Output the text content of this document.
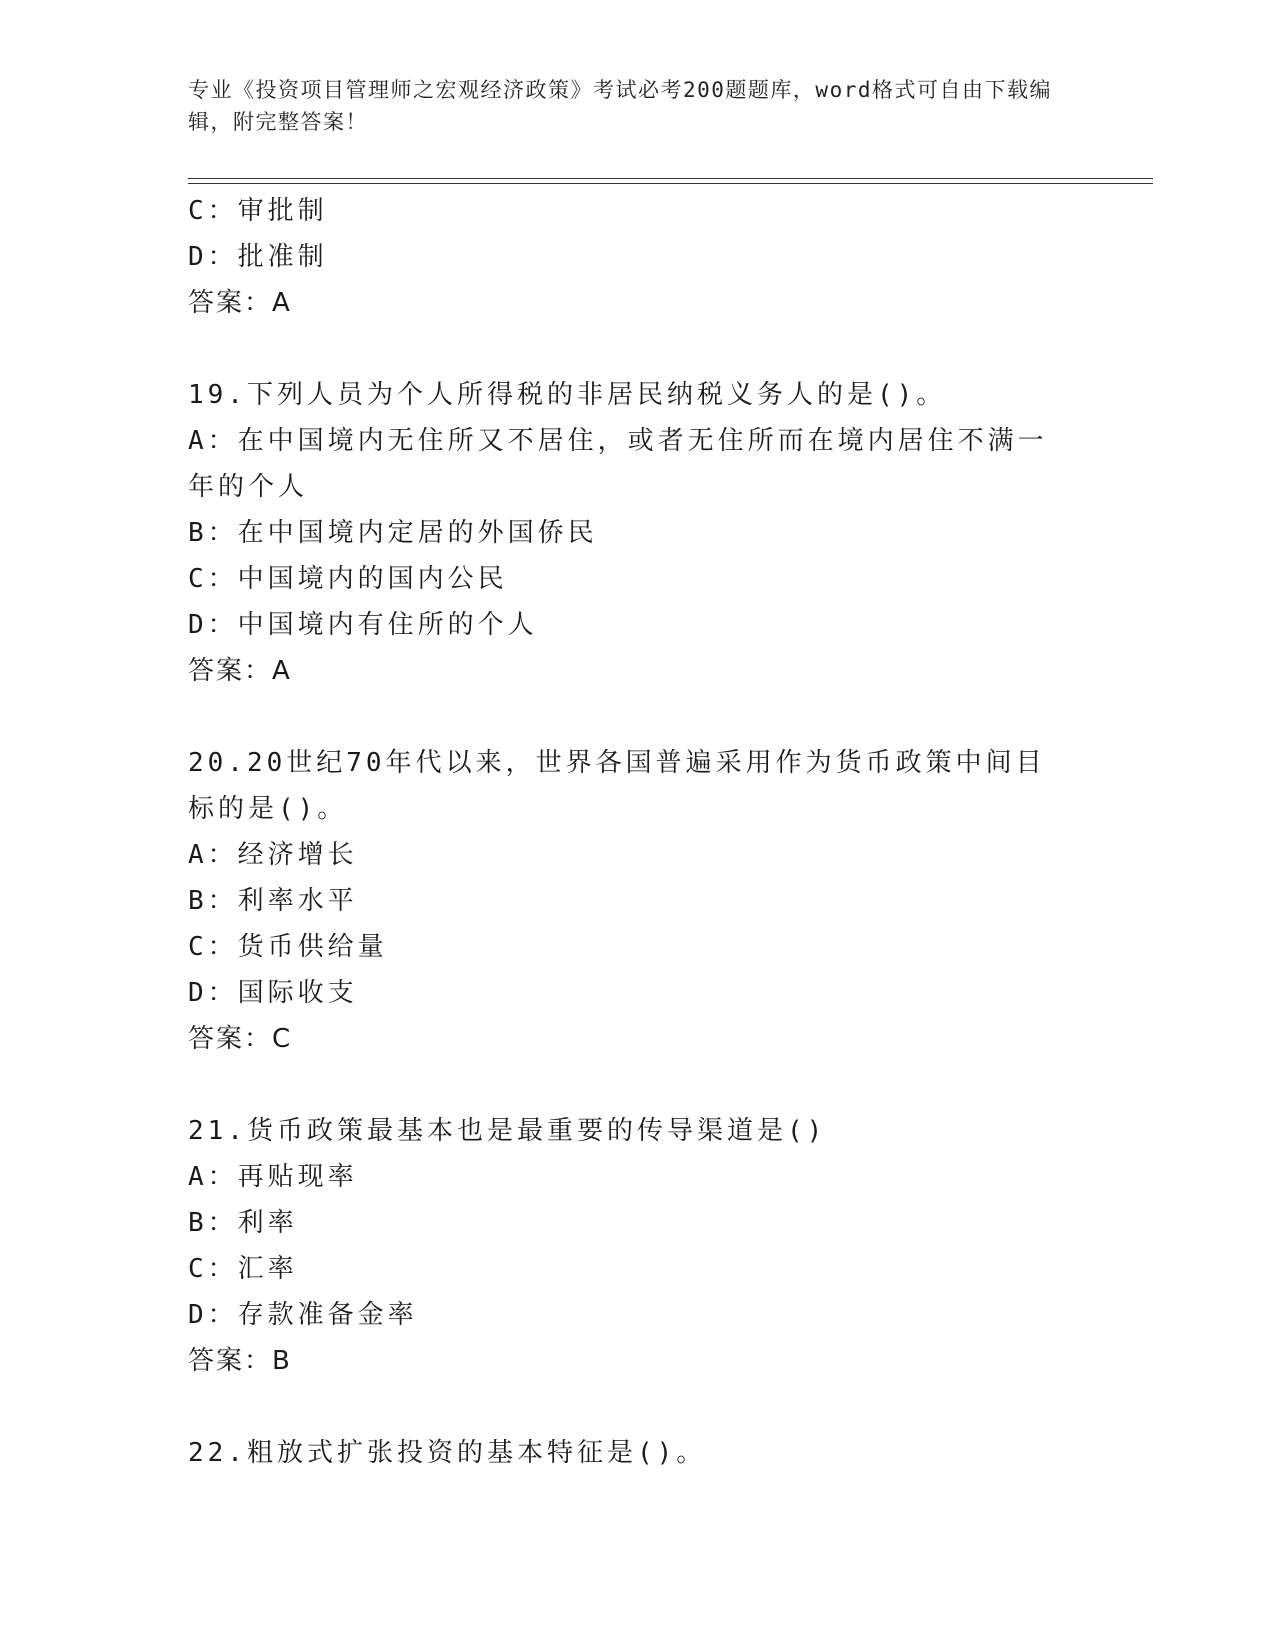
专业《投资项目管理师之宏观经济政策》考试必考200题题库，word格式可自由下载编辑，附完整答案！
C：审批制
D：批准制
答案：A
19.下列人员为个人所得税的非居民纳税义务人的是()。
A：在中国境内无住所又不居住，或者无住所而在境内居住不满一年的个人
B：在中国境内定居的外国侨民
C：中国境内的国内公民
D：中国境内有住所的个人
答案：A
20.20世纪70年代以来，世界各国普遍采用作为货币政策中间目标的是()。
A：经济增长
B：利率水平
C：货币供给量
D：国际收支
答案：C
21.货币政策最基本也是最重要的传导渠道是()
A：再贴现率
B：利率
C：汇率
D：存款准备金率
答案：B
22.粗放式扩张投资的基本特征是()。
